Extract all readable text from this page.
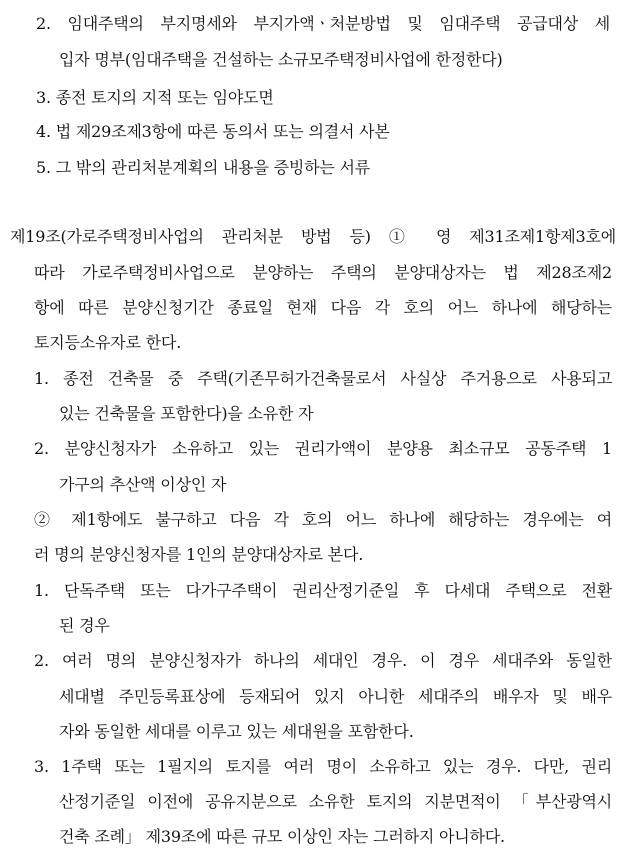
2. 임대주택의 부지명세와 부지가액ㆍ처분방법 및 임대주택 공급대상 세
입자 명부(임대주택을 건설하는 소규모주택정비사업에 한정한다)
3. 종전 토지의 지적 또는 임야도면
4. 법 제29조제3항에 따른 동의서 또는 의결서 사본
5. 그 밖의 관리처분계획의 내용을 증빙하는 서류
제19조(가로주택정비사업의 관리처분 방법 등) ① 영 제31조제1항제3호에
따라 가로주택정비사업으로 분양하는 주택의 분양대상자는 법 제28조제2
항에 따른 분양신청기간 종료일 현재 다음 각 호의 어느 하나에 해당하는
토지등소유자로 한다.
1. 종전 건축물 중 주택(기존무허가건축물로서 사실상 주거용으로 사용되고
있는 건축물을 포함한다)을 소유한 자
2. 분양신청자가 소유하고 있는 권리가액이 분양용 최소규모 공동주택 1
가구의 추산액 이상인 자
② 제1항에도 불구하고 다음 각 호의 어느 하나에 해당하는 경우에는 여
러 명의 분양신청자를 1인의 분양대상자로 본다.
1. 단독주택 또는 다가구주택이 권리산정기준일 후 다세대 주택으로 전환
된 경우
2. 여러 명의 분양신청자가 하나의 세대인 경우. 이 경우 세대주와 동일한
세대별 주민등록표상에 등재되어 있지 아니한 세대주의 배우자 및 배우
자와 동일한 세대를 이루고 있는 세대원을 포함한다.
3. 1주택 또는 1필지의 토지를 여러 명이 소유하고 있는 경우. 다만, 권리
산정기준일 이전에 공유지분으로 소유한 토지의 지분면적이 「부산광역시
건축 조례」 제39조에 따른 규모 이상인 자는 그러하지 아니하다.
